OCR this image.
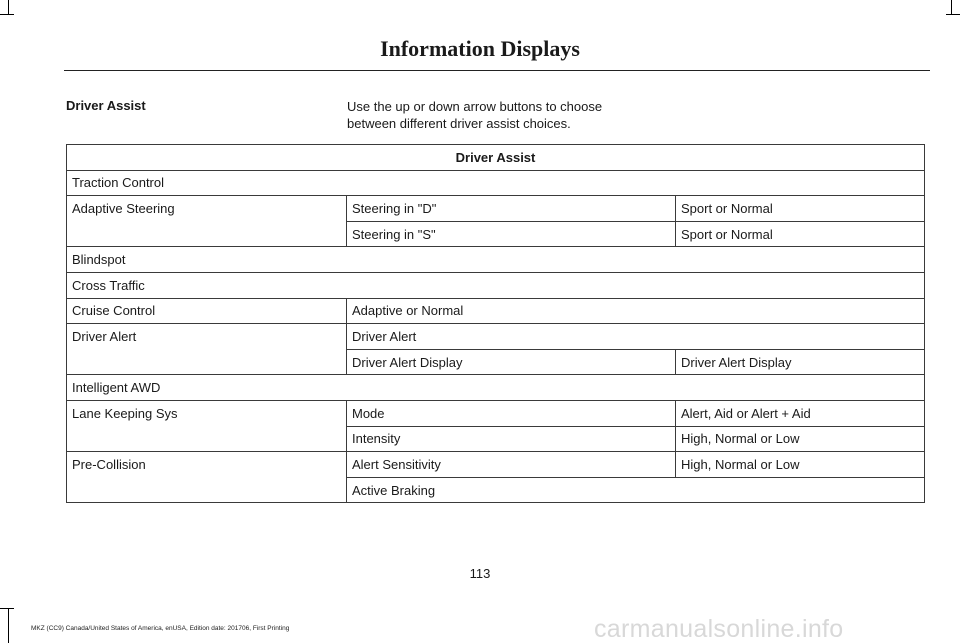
Information Displays
Driver Assist	Use the up or down arrow buttons to choose between different driver assist choices.
Driver Assist		
Traction Control		
Adaptive Steering	Steering in "D"	Sport or Normal
	Steering in "S"	Sport or Normal
Blindspot		
Cross Traffic		
Cruise Control	Adaptive or Normal	
Driver Alert	Driver Alert	
	Driver Alert Display	Driver Alert Display
Intelligent AWD		
Lane Keeping Sys	Mode	Alert, Aid or Alert + Aid
	Intensity	High, Normal or Low
Pre-Collision	Alert Sensitivity	High, Normal or Low
	Active Braking	
113
MKZ (CC9) Canada/United States of America, enUSA, Edition date: 201706, First Printing	carmanualsonline.info
